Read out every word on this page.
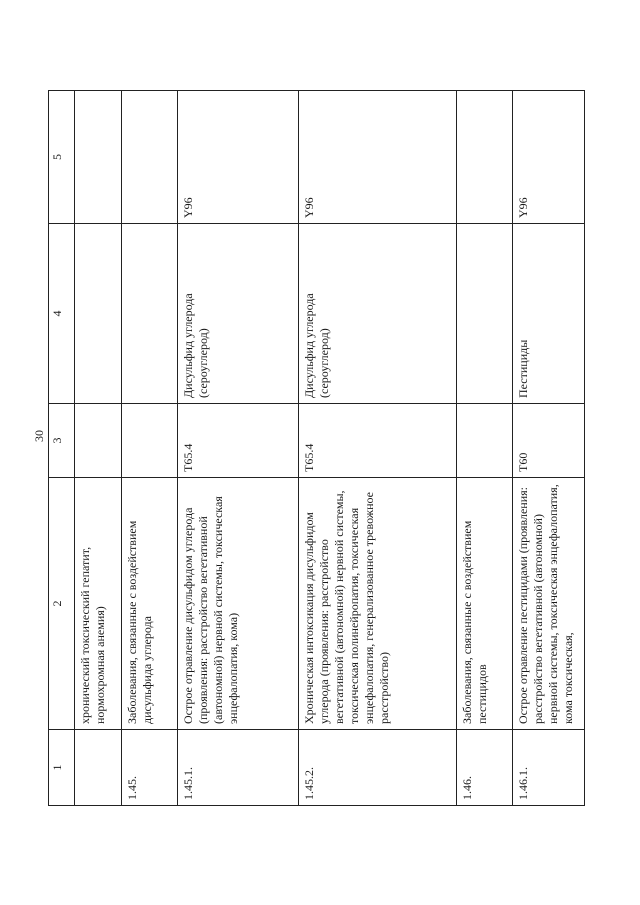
30
1	2	3	4	5
	хронический токсический гепатит, нормохромная анемия)			
1.45.	Заболевания, связанные с воздействием дисульфида углерода			
1.45.1.	Острое отравление дисульфидом углерода (проявления: расстройство вегетативной (автономной) нервной системы, токсическая энцефалопатия, кома)	T65.4	Дисульфид углерода (сероуглерод)	Y96
1.45.2.	Хроническая интоксикация дисульфидом углерода (проявления: расстройство вегетативной (автономной) нервной системы, токсическая полинейропатия, токсическая энцефалопатия, генерализованное тревожное расстройство)	T65.4	Дисульфид углерода (сероуглерод)	Y96
1.46.	Заболевания, связанные с воздействием пестицидов			
1.46.1.	Острое отравление пестицидами (проявления: расстройство вегетативной (автономной) нервной системы, токсическая энцефалопатия, кома токсическая,	T60	Пестициды	Y96
